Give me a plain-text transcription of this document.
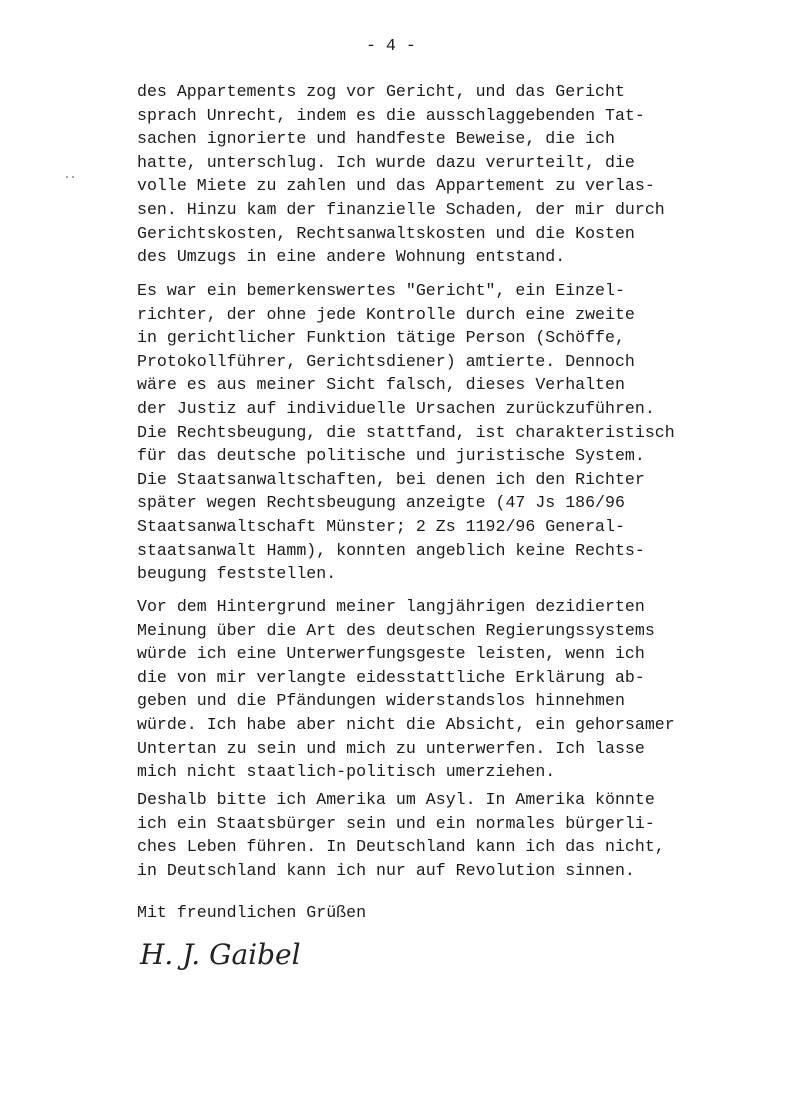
- 4 -
des Appartements zog vor Gericht, und das Gericht
sprach Unrecht, indem es die ausschlaggebenden Tat-
sachen ignorierte und handfeste Beweise, die ich
hatte, unterschlug. Ich wurde dazu verurteilt, die
volle Miete zu zahlen und das Appartement zu verlas-
sen. Hinzu kam der finanzielle Schaden, der mir durch
Gerichtskosten, Rechtsanwaltskosten und die Kosten
des Umzugs in eine andere Wohnung entstand.
Es war ein bemerkenswertes "Gericht", ein Einzel-
richter, der ohne jede Kontrolle durch eine zweite
in gerichtlicher Funktion tätige Person (Schöffe,
Protokollführer, Gerichtsdiener) amtierte. Dennoch
wäre es aus meiner Sicht falsch, dieses Verhalten
der Justiz auf individuelle Ursachen zurückzuführen.
Die Rechtsbeugung, die stattfand, ist charakteristisch
für das deutsche politische und juristische System.
Die Staatsanwaltschaften, bei denen ich den Richter
später wegen Rechtsbeugung anzeigte (47 Js 186/96
Staatsanwaltschaft Münster; 2 Zs 1192/96 General-
staatsanwalt Hamm), konnten angeblich keine Rechts-
beugung feststellen.
Vor dem Hintergrund meiner langjährigen dezidierten
Meinung über die Art des deutschen Regierungssystems
würde ich eine Unterwerfungsgeste leisten, wenn ich
die von mir verlangte eidesstattliche Erklärung ab-
geben und die Pfändungen widerstandslos hinnehmen
würde. Ich habe aber nicht die Absicht, ein gehorsamer
Untertan zu sein und mich zu unterwerfen. Ich lasse
mich nicht staatlich-politisch umerziehen.
Deshalb bitte ich Amerika um Asyl. In Amerika könnte
ich ein Staatsbürger sein und ein normales bürgerli-
ches Leben führen. In Deutschland kann ich das nicht,
in Deutschland kann ich nur auf Revolution sinnen.
Mit freundlichen Grüßen
H. J. Gaibel
